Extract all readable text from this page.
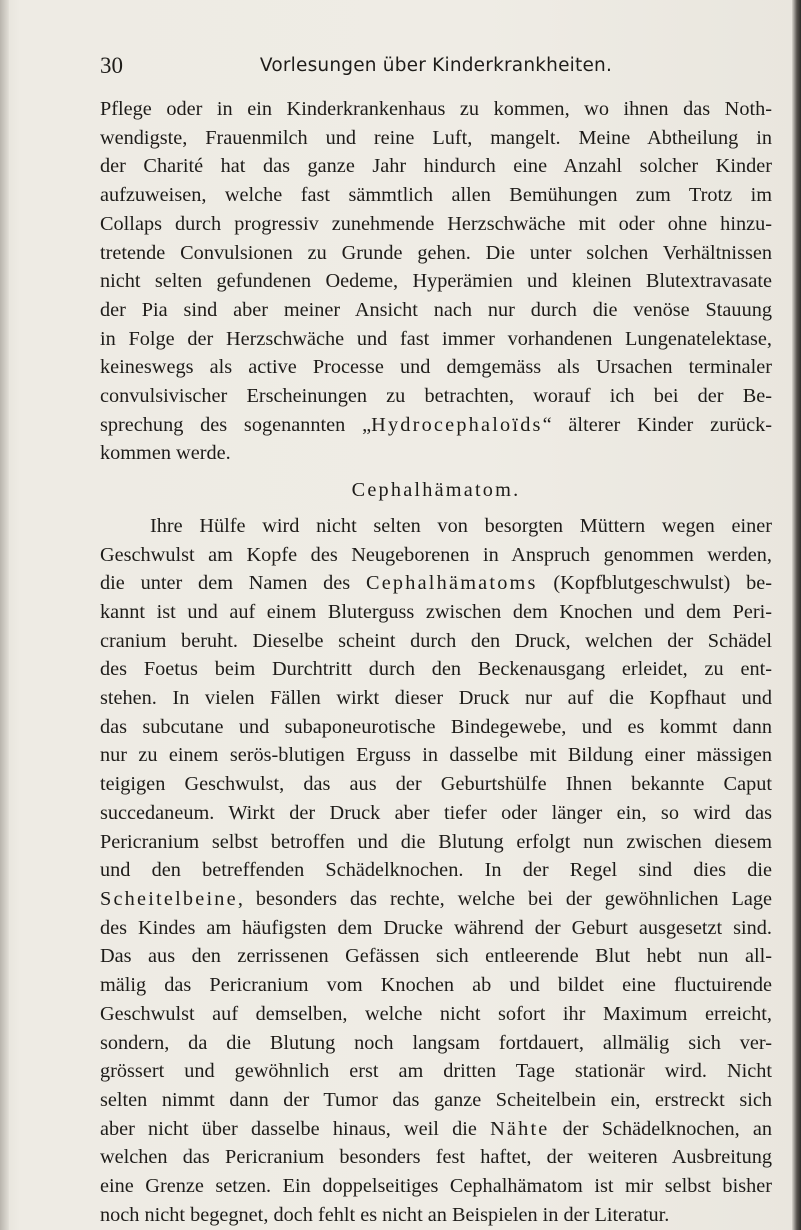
30	Vorlesungen über Kinderkrankheiten.

Pflege oder in ein Kinderkrankenhaus zu kommen, wo ihnen das Noth-

wendigste, Frauenmilch und reine Luft, mangelt. Meine Abtheilung in

der Charité hat das ganze Jahr hindurch eine Anzahl solcher Kinder

aufzuweisen, welche fast sämmtlich allen Bemühungen zum Trotz im

Collaps durch progressiv zunehmende Herzschwäche mit oder ohne hinzu-

tretende Convulsionen zu Grunde gehen. Die unter solchen Verhältnissen

nicht selten gefundenen Oedeme, Hyperämien und kleinen Blutextravasate

der Pia sind aber meiner Ansicht nach nur durch die venöse Stauung

in Folge der Herzschwäche und fast immer vorhandenen Lungenatelektase,

keineswegs als active Processe und demgemäss als Ursachen terminaler

convulsivischer Erscheinungen zu betrachten, worauf ich bei der Be-

sprechung des sogenannten „Hydrocephaloïds“ älterer Kinder zurück-

kommen werde.

Cephalhämatom.

Ihre Hülfe wird nicht selten von besorgten Müttern wegen einer

Geschwulst am Kopfe des Neugeborenen in Anspruch genommen werden,

die unter dem Namen des Cephalhämatoms (Kopfblutgeschwulst) be-

kannt ist und auf einem Bluterguss zwischen dem Knochen und dem Peri-

cranium beruht. Dieselbe scheint durch den Druck, welchen der Schädel

des Foetus beim Durchtritt durch den Beckenausgang erleidet, zu ent-

stehen. In vielen Fällen wirkt dieser Druck nur auf die Kopfhaut und

das subcutane und subaponeurotische Bindegewebe, und es kommt dann

nur zu einem serös-blutigen Erguss in dasselbe mit Bildung einer mässigen

teigigen Geschwulst, das aus der Geburtshülfe Ihnen bekannte Caput

succedaneum. Wirkt der Druck aber tiefer oder länger ein, so wird das

Pericranium selbst betroffen und die Blutung erfolgt nun zwischen diesem

und den betreffenden Schädelknochen. In der Regel sind dies die

Scheitelbeine, besonders das rechte, welche bei der gewöhnlichen Lage

des Kindes am häufigsten dem Drucke während der Geburt ausgesetzt sind.

Das aus den zerrissenen Gefässen sich entleerende Blut hebt nun all-

mälig das Pericranium vom Knochen ab und bildet eine fluctuirende

Geschwulst auf demselben, welche nicht sofort ihr Maximum erreicht,

sondern, da die Blutung noch langsam fortdauert, allmälig sich ver-

grössert und gewöhnlich erst am dritten Tage stationär wird. Nicht

selten nimmt dann der Tumor das ganze Scheitelbein ein, erstreckt sich

aber nicht über dasselbe hinaus, weil die Nähte der Schädelknochen, an

welchen das Pericranium besonders fest haftet, der weiteren Ausbreitung

eine Grenze setzen. Ein doppelseitiges Cephalhämatom ist mir selbst bisher

noch nicht begegnet, doch fehlt es nicht an Beispielen in der Literatur.
